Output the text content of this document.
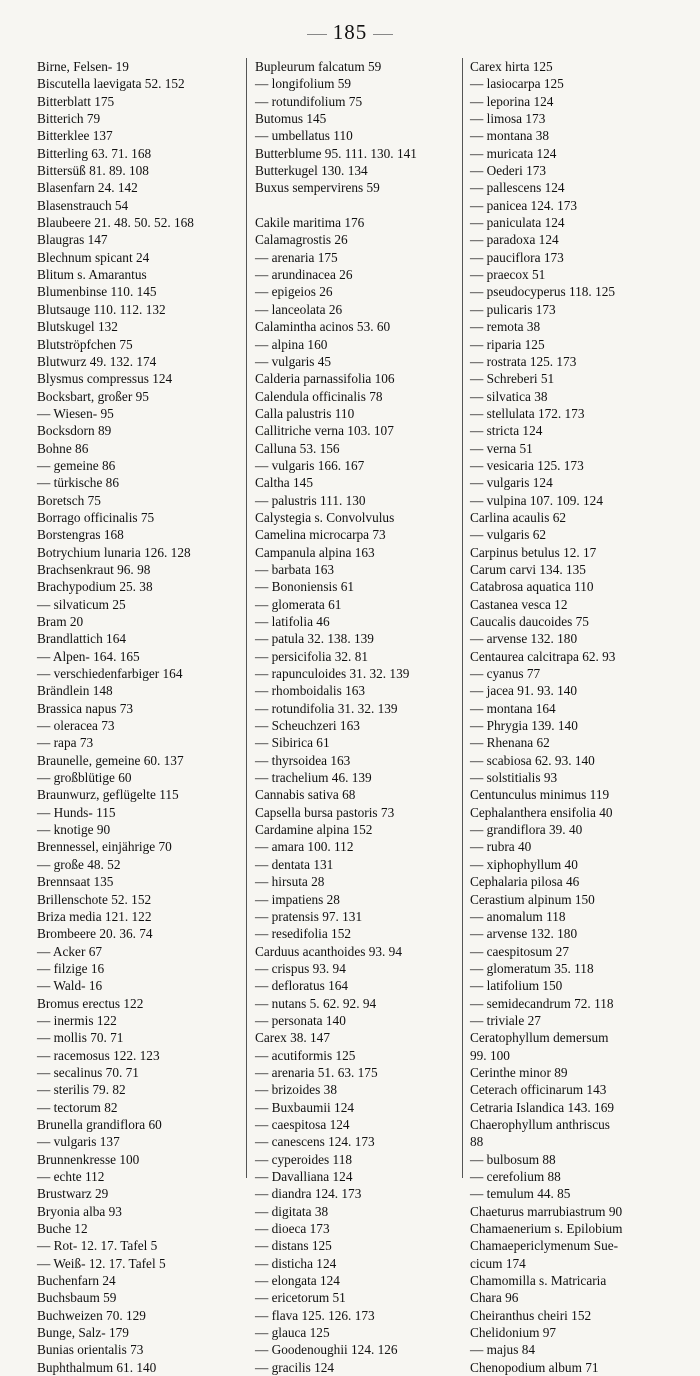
185
Birne, Felsen- 19
Biscutella laevigata 52. 152
Bitterblatt 175
Bitterich 79
Bitterklee 137
Bitterling 63. 71. 168
Bittersüß 81. 89. 108
Blasenfarn 24. 142
Blasenstrauch 54
Blaubeere 21. 48. 50. 52. 168
Blaugras 147
Blechnum spicant 24
Blitum s. Amarantus
Blumenbinse 110. 145
Blutsauge 110. 112. 132
Blutskugel 132
Blutströpfchen 75
Blutwurz 49. 132. 174
Blysmus compressus 124
Bocksbart, großer 95
— Wiesen- 95
Bocksdorn 89
Bohne 86
— gemeine 86
— türkische 86
Boretsch 75
Borrago officinalis 75
Borstengras 168
Botrychium lunaria 126. 128
Brachsenkraut 96. 98
Brachypodium 25. 38
— silvaticum 25
Bram 20
Brandlattich 164
— Alpen- 164. 165
— verschiedenfarbiger 164
Brändlein 148
Brassica napus 73
— oleracea 73
— rapa 73
Braunelle, gemeine 60. 137
— großblütige 60
Braunwurz, geflügelte 115
— Hunds- 115
— knotige 90
Brennessel, einjährige 70
— große 48. 52
Brennsaat 135
Brillenschote 52. 152
Briza media 121. 122
Brombeere 20. 36. 74
— Acker 67
— filzige 16
— Wald- 16
Bromus erectus 122
— inermis 122
— mollis 70. 71
— racemosus 122. 123
— secalinus 70. 71
— sterilis 79. 82
— tectorum 82
Brunella grandiflora 60
— vulgaris 137
Brunnenkresse 100
— echte 112
Brustwarz 29
Bryonia alba 93
Buche 12
— Rot- 12. 17. Tafel 5
— Weiß- 12. 17. Tafel 5
Buchenfarn 24
Buchsbaum 59
Buchweizen 70. 129
Bunge, Salz- 179
Bunias orientalis 73
Buphthalmum 61. 140
Bupleurum falcatum 59
— longifolium 59
— rotundifolium 75
Butomus 145
— umbellatus 110
Butterblume 95. 111. 130. 141
Butterkugel 130. 134
Buxus sempervirens 59

Cakile maritima 176
Calamagrostis 26
— arenaria 175
— arundinacea 26
— epigeios 26
— lanceolata 26
Calamintha acinos 53. 60
— alpina 160
— vulgaris 45
Calderia parnassifolia 106
Calendula officinalis 78
Calla palustris 110
Callitriche verna 103. 107
Calluna 53. 156
— vulgaris 166. 167
Caltha 145
— palustris 111. 130
Calystegia s. Convolvulus
Camelina microcarpa 73
Campanula alpina 163
— barbata 163
— Bononiensis 61
— glomerata 61
— latifolia 46
— patula 32. 138. 139
— persicifolia 32. 81
— rapunculoides 31. 32. 139
— rhomboidalis 163
— rotundifolia 31. 32. 139
— Scheuchzeri 163
— Sibirica 61
— thyrsoidea 163
— trachelium 46. 139
Cannabis sativa 68
Capsella bursa pastoris 73
Cardamine alpina 152
— amara 100. 112
— dentata 131
— hirsuta 28
— impatiens 28
— pratensis 97. 131
— resedifolia 152
Carduus acanthoides 93. 94
— crispus 93. 94
— defloratus 164
— nutans 5. 62. 92. 94
— personata 140
Carex 38. 147
— acutiformis 125
— arenaria 51. 63. 175
— brizoides 38
— Buxbaumii 124
— caespitosa 124
— canescens 124. 173
— cyperoides 118
— Davalliana 124
— diandra 124. 173
— digitata 38
— dioeca 173
— distans 125
— disticha 124
— elongata 124
— ericetorum 51
— flava 125. 126. 173
— glauca 125
— Goodenoughii 124. 126
— gracilis 124
Carex hirta 125
— lasiocarpa 125
— leporina 124
— limosa 173
— montana 38
— muricata 124
— Oederi 173
— pallescens 124
— panicea 124. 173
— paniculata 124
— paradoxa 124
— pauciflora 173
— praecox 51
— pseudocyperus 118. 125
— pulicaris 173
— remota 38
— riparia 125
— rostrata 125. 173
— Schreberi 51
— silvatica 38
— stellulata 172. 173
— stricta 124
— verna 51
— vesicaria 125. 173
— vulgaris 124
— vulpina 107. 109. 124
Carlina acaulis 62
— vulgaris 62
Carpinus betulus 12. 17
Carum carvi 134. 135
Catabrosa aquatica 110
Castanea vesca 12
Caucalis daucoides 75
— arvense 132. 180
Centaurea calcitrapa 62. 93
— cyanus 77
— jacea 91. 93. 140
— montana 164
— Phrygia 139. 140
— Rhenana 62
— scabiosa 62. 93. 140
— solstitialis 93
Centunculus minimus 119
Cephalanthera ensifolia 40
— grandiflora 39. 40
— rubra 40
— xiphophyllum 40
Cephalaria pilosa 46
Cerastium alpinum 150
— anomalum 118
— arvense 132. 180
— caespitosum 27
— glomeratum 35. 118
— latifolium 150
— semidecandrum 72. 118
— triviale 27
Ceratophyllum demersum
99. 100
Cerinthe minor 89
Ceterach officinarum 143
Cetraria Islandica 143. 169
Chaerophyllum anthriscus
88
— bulbosum 88
— cerefolium 88
— temulum 44. 85
Chaeturus marrubiastrum 90
Chamaenerium s. Epilobium
Chamaepericlymenum Sue-
cicum 174
Chamomilla s. Matricaria
Chara 96
Cheiranthus cheiri 152
Chelidonium 97
— majus 84
Chenopodium album 71
